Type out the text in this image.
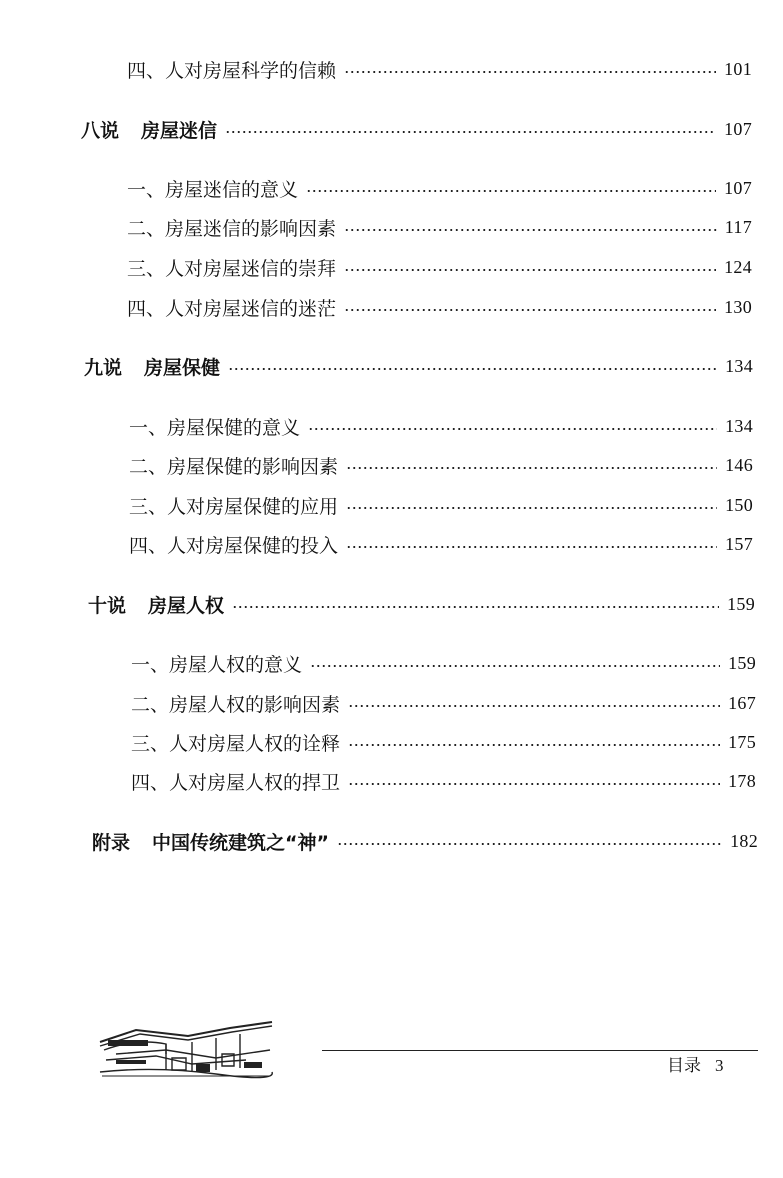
四、人对房屋科学的信赖	101
八说 房屋迷信	107
一、房屋迷信的意义	107
二、房屋迷信的影响因素	117
三、人对房屋迷信的崇拜	124
四、人对房屋迷信的迷茫	130
九说 房屋保健	134
一、房屋保健的意义	134
二、房屋保健的影响因素	146
三、人对房屋保健的应用	150
四、人对房屋保健的投入	157
十说 房屋人权	159
一、房屋人权的意义	159
二、房屋人权的影响因素	167
三、人对房屋人权的诠释	175
四、人对房屋人权的捍卫	178
附录 中国传统建筑之“神”	182
目录 3
